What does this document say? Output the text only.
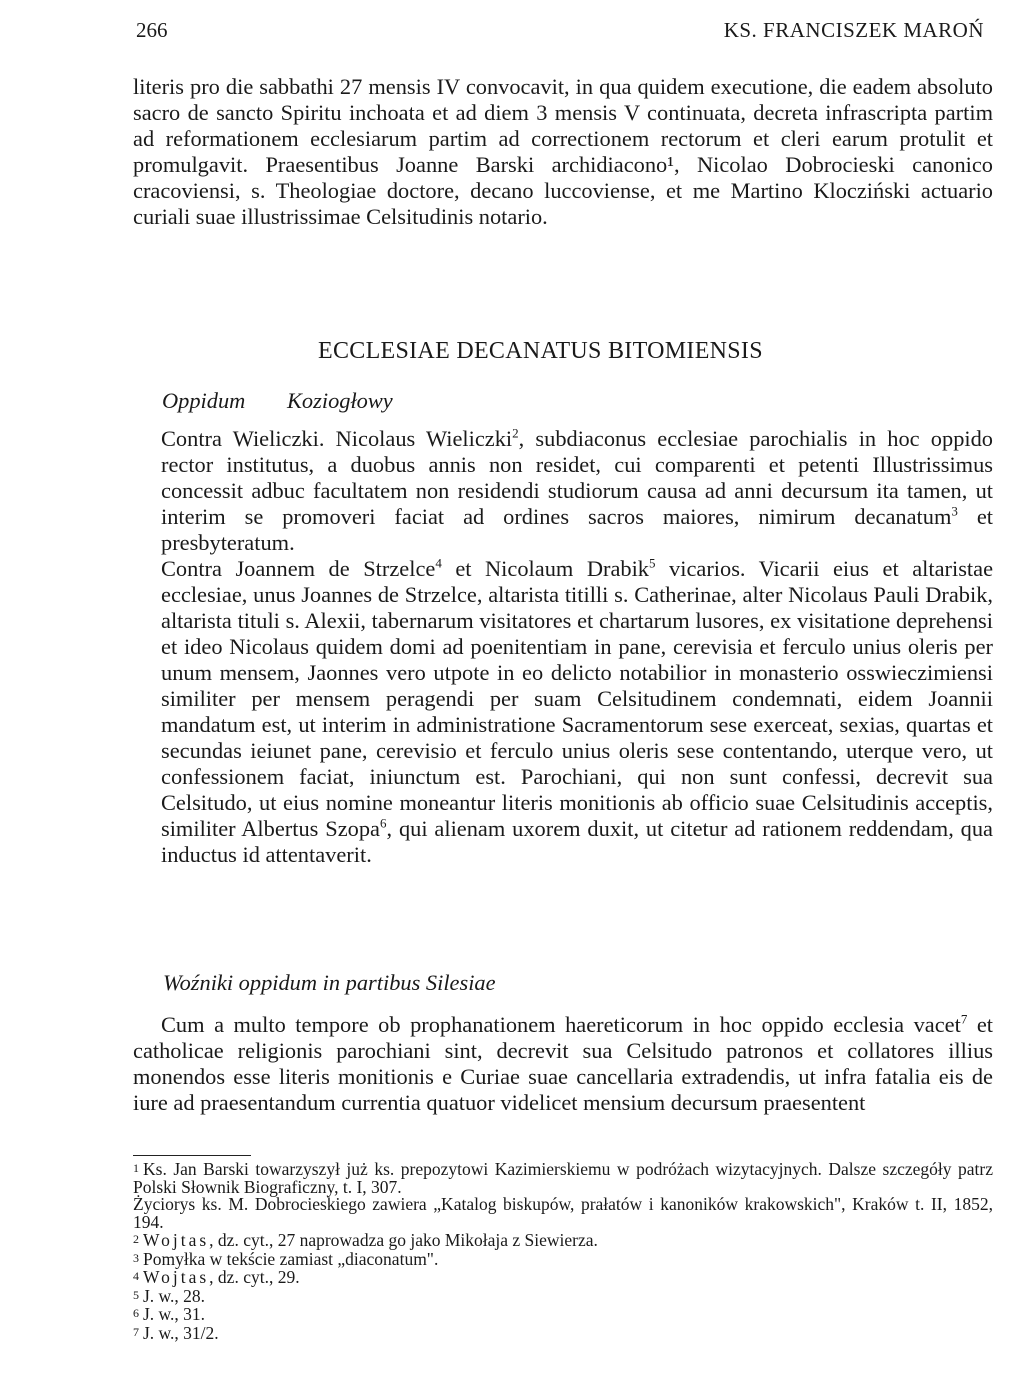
266	KS. FRANCISZEK MAROŃ
literis pro die sabbathi 27 mensis IV convocavit, in qua quidem executione, die eadem absoluto sacro de sancto Spiritu inchoata et ad diem 3 mensis V continuata, decreta infrascripta partim ad reformationem ecclesiarum partim ad correctionem rectorum et cleri earum protulit et promulgavit. Praesentibus Joanne Barski archidiacono¹, Nicolao Dobrocieski canonico cracoviensi, s. Theologiae doctore, decano luccoviense, et me Martino Klocziński actuario curiali suae illustrissimae Celsitudinis notario.
ECCLESIAE DECANATUS BITOMIENSIS
Oppidum Koziogłowy
Contra Wieliczki. Nicolaus Wieliczki$^2$, subdiaconus ecclesiae parochialis in hoc oppido rector institutus, a duobus annis non residet, cui comparenti et petenti Illustrissimus concessit adbuc facultatem non residendi studiorum causa ad anni decursum ita tamen, ut interim se promoveri faciat ad ordines sacros maiores, nimirum decanatum$^3$ et presbyteratum.
Contra Joannem de Strzelce$^4$ et Nicolaum Drabik$^5$ vicarios. Vicarii eius et altaristae ecclesiae, unus Joannes de Strzelce, altarista titilli s. Catherinae, alter Nicolaus Pauli Drabik, altarista tituli s. Alexii, tabernarum visitatores et chartarum lusores, ex visitatione deprehensi et ideo Nicolaus quidem domi ad poenitentiam in pane, cerevisia et ferculo unius oleris per unum mensem, Jaonnes vero utpote in eo delicto notabilior in monasterio osswieczimiensi similiter per mensem peragendi per suam Celsitudinem condemnati, eidem Joannii mandatum est, ut interim in administratione Sacramentorum sese exerceat, sexias, quartas et secundas ieiunet pane, cerevisio et ferculo unius oleris sese contentando, uterque vero, ut confessionem faciat, iniunctum est. Parochiani, qui non sunt confessi, decrevit sua Celsitudo, ut eius nomine moneantur literis monitionis ab officio suae Celsitudinis acceptis, similiter Albertus Szopa$^6$, qui alienam uxorem duxit, ut citetur ad rationem reddendam, qua inductus id attentaverit.
Woźniki oppidum in partibus Silesiae
Cum a multo tempore ob prophanationem haereticorum in hoc oppido ecclesia vacet$^7$ et catholicae religionis parochiani sint, decrevit sua Celsitudo patronos et collatores illius monendos esse literis monitionis e Curiae suae cancellaria extradendis, ut infra fatalia eis de iure ad praesentandum currentia quatuor videlicet mensium decursum praesentent

1 Ks. Jan Barski towarzyszył już ks. prepozytowi Kazimierskiemu w podróżach wizytacyjnych. Dalsze szczegóły patrz Polski Słownik Biograficzny, t. I, 307.

Życiorys ks. M. Dobrocieskiego zawiera „Katalog biskupów, prałatów i kanoników krakowskich", Kraków t. II, 1852, 194.

2 Wojtas, dz. cyt., 27 naprowadza go jako Mikołaja z Siewierza.

3 Pomyłka w tekście zamiast „diaconatum".

4 Wojtas, dz. cyt., 29.

5 J. w., 28.

6 J. w., 31.

7 J. w., 31/2.
